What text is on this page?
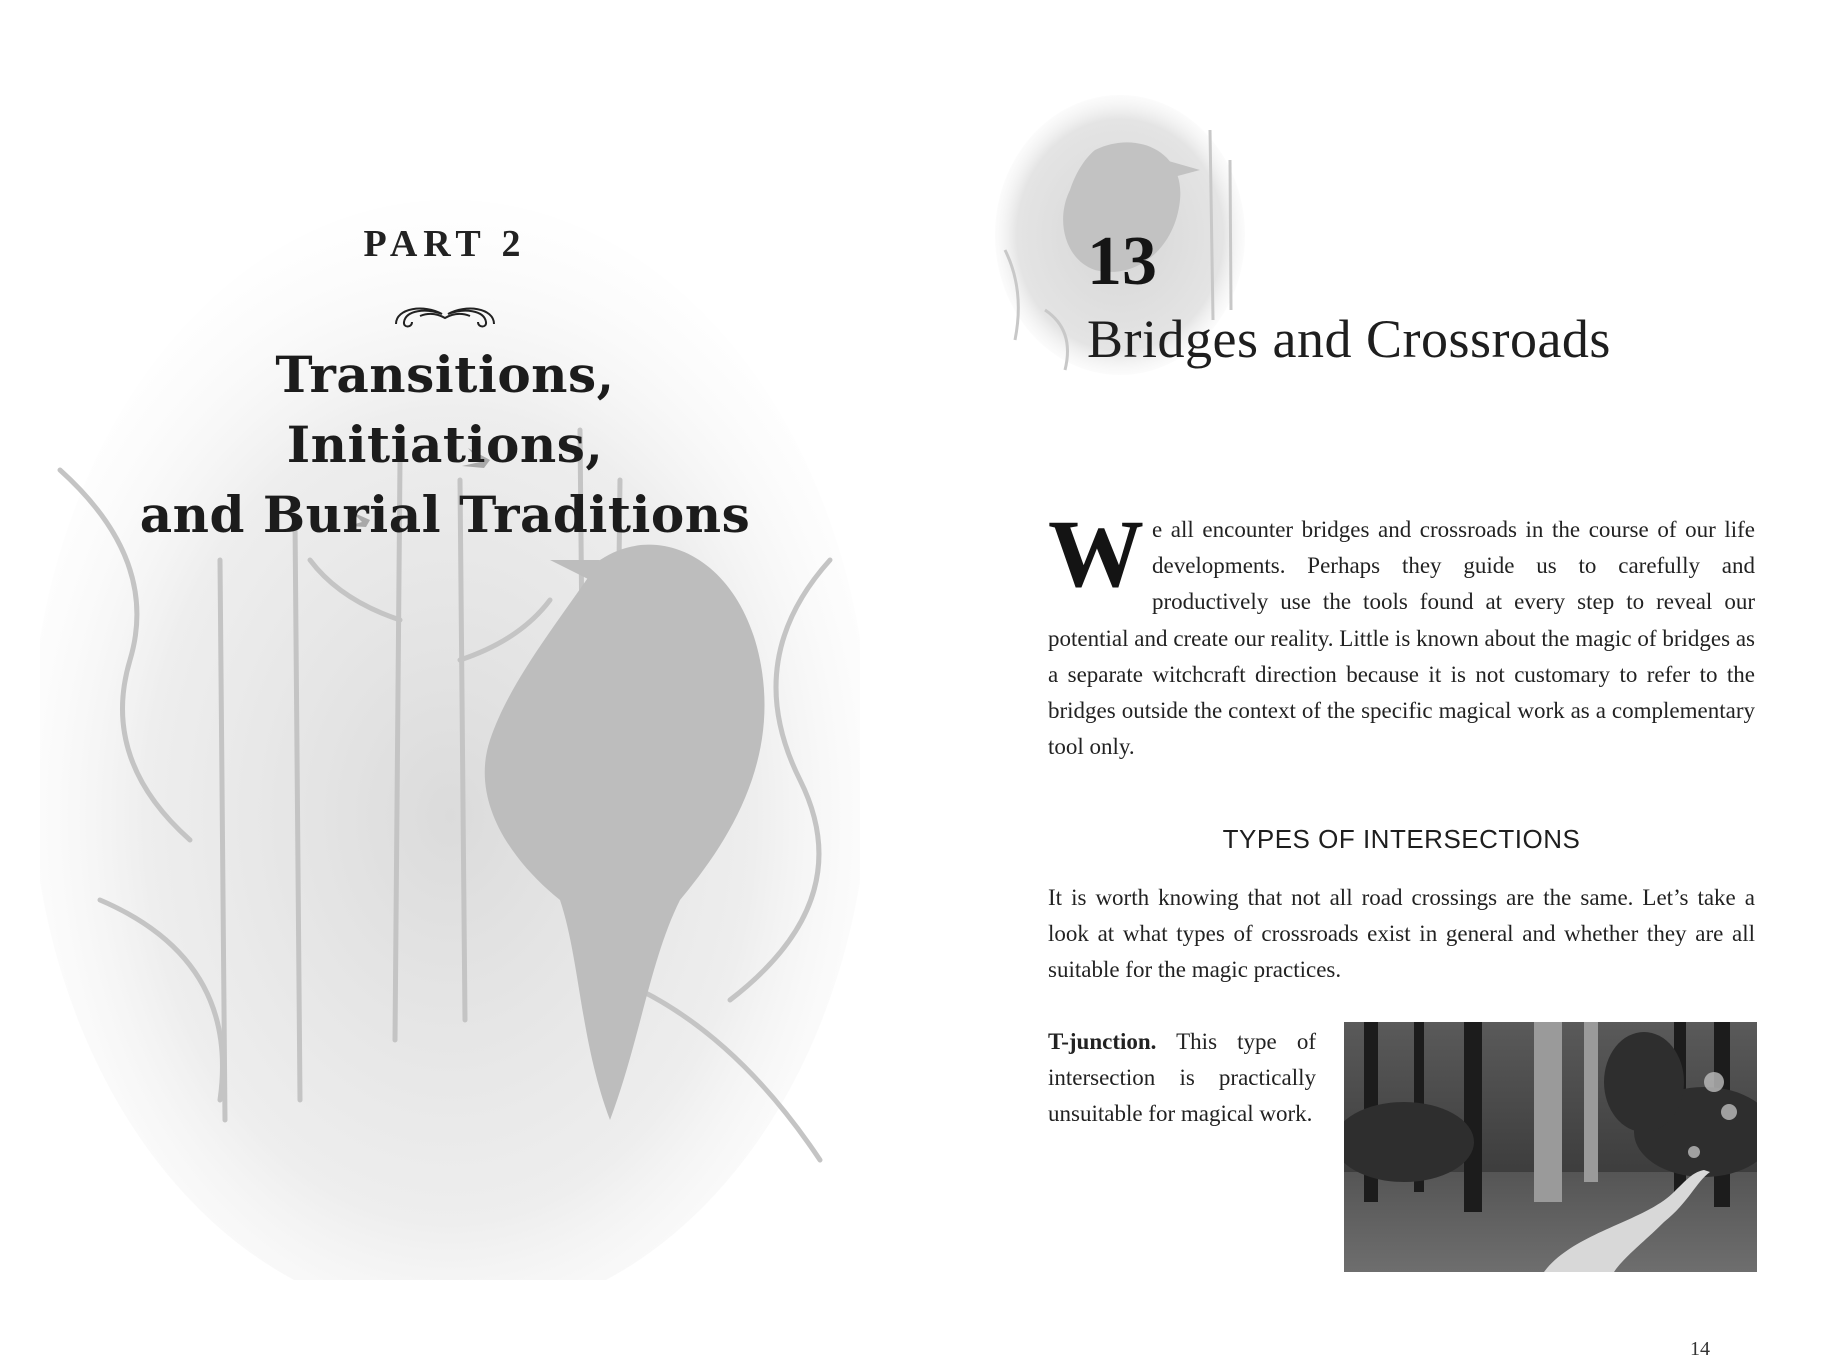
PART 2
Transitions, Initiations,
and Burial Traditions
13
Bridges and Crossroads

We all encounter bridges and crossroads in the course of our life developments. Perhaps they guide us to carefully and productively use the tools found at every step to reveal our potential and create our reality. Little is known about the magic of bridges as a separate witchcraft direction because it is not customary to refer to the bridges outside the context of the specific magical work as a complementary tool only.

TYPES OF INTERSECTIONS

It is worth knowing that not all road crossings are the same. Let’s take a look at what types of crossroads exist in general and whether they are all suitable for the magic practices.

T-junction. This type of intersection is practically unsuitable for magical work.

14
